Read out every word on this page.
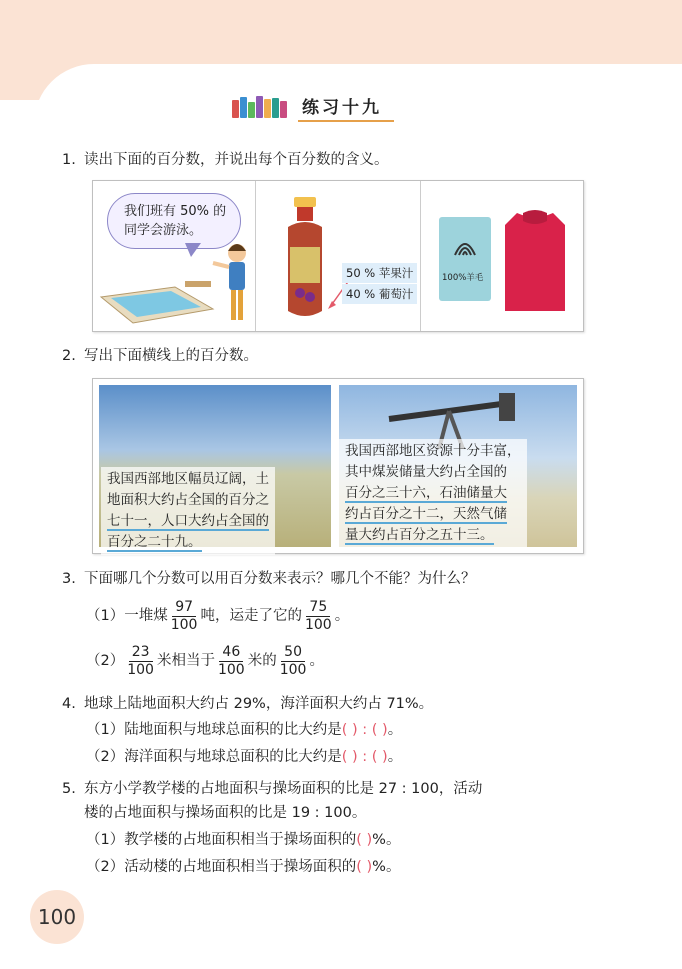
练习十九
1. 读出下面的百分数，并说出每个百分数的含义。
我们班有 50% 的
同学会游泳。
50 % 苹果汁
40 % 葡萄汁
100%羊毛
2. 写出下面横线上的百分数。
我国西部地区幅员辽阔，土
地面积大约占全国的百分之
七十一，人口大约占全国的
百分之二十九。
我国西部地区资源十分丰富，
其中煤炭储量大约占全国的
百分之三十六，石油储量大
约占百分之十二，天然气储
量大约占百分之五十三。
3. 下面哪几个分数可以用百分数来表示？哪几个不能？为什么？
（1） 一堆煤 $\frac{97}{100}$ 吨，运走了它的 $\frac{75}{100}$ 。
$(2) \frac{23}{100}$ 米相当于 $\frac{46}{100}$ 米的 $\frac{50}{100}$ 。
4. 地球上陆地面积大约占 29%，海洋面积大约占 71%。
（1）陆地面积与地球总面积的比大约是( ) : ( )。
（2）海洋面积与地球总面积的比大约是( ) : ( )。
5. 东方小学教学楼的占地面积与操场面积的比是 27 : 100，活动
楼的占地面积与操场面积的比是 19 : 100。
（1）教学楼的占地面积相当于操场面积的( )%。
（2）活动楼的占地面积相当于操场面积的( )%。
100
